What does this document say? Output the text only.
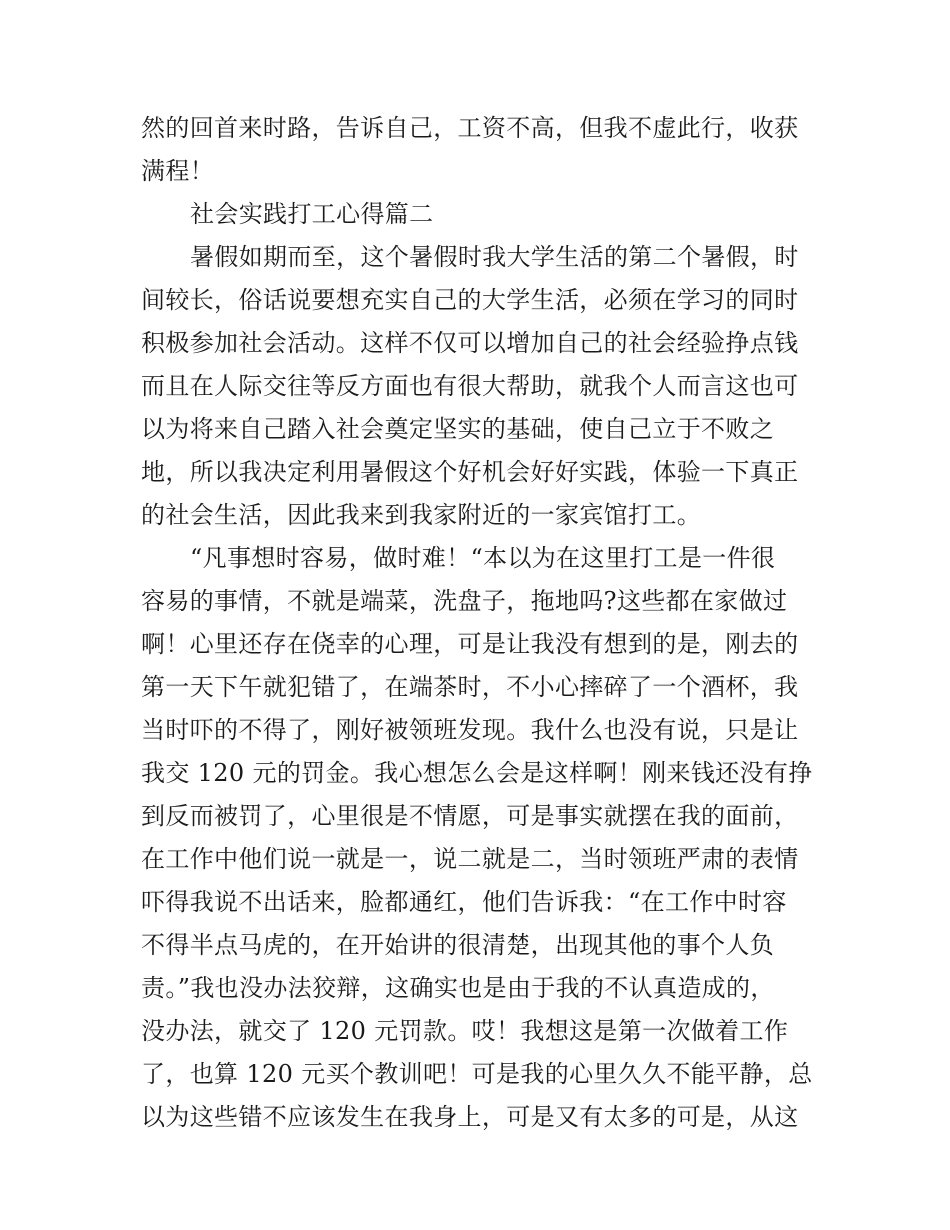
然的回首来时路，告诉自己，工资不高，但我不虚此行，收获
满程！
社会实践打工心得篇二
暑假如期而至，这个暑假时我大学生活的第二个暑假，时
间较长，俗话说要想充实自己的大学生活，必须在学习的同时
积极参加社会活动。这样不仅可以增加自己的社会经验挣点钱
而且在人际交往等反方面也有很大帮助，就我个人而言这也可
以为将来自己踏入社会奠定坚实的基础，使自己立于不败之
地，所以我决定利用暑假这个好机会好好实践，体验一下真正
的社会生活，因此我来到我家附近的一家宾馆打工。
“凡事想时容易，做时难！“本以为在这里打工是一件很
容易的事情，不就是端菜，洗盘子，拖地吗?这些都在家做过
啊！心里还存在侥幸的心理，可是让我没有想到的是，刚去的
第一天下午就犯错了，在端茶时，不小心摔碎了一个酒杯，我
当时吓的不得了，刚好被领班发现。我什么也没有说，只是让
我交 120 元的罚金。我心想怎么会是这样啊！刚来钱还没有挣
到反而被罚了，心里很是不情愿，可是事实就摆在我的面前，
在工作中他们说一就是一，说二就是二，当时领班严肃的表情
吓得我说不出话来，脸都通红，他们告诉我：“在工作中时容
不得半点马虎的，在开始讲的很清楚，出现其他的事个人负
责。”我也没办法狡辩，这确实也是由于我的不认真造成的，
没办法，就交了 120 元罚款。哎！我想这是第一次做着工作
了，也算 120 元买个教训吧！可是我的心里久久不能平静，总
以为这些错不应该发生在我身上，可是又有太多的可是，从这
